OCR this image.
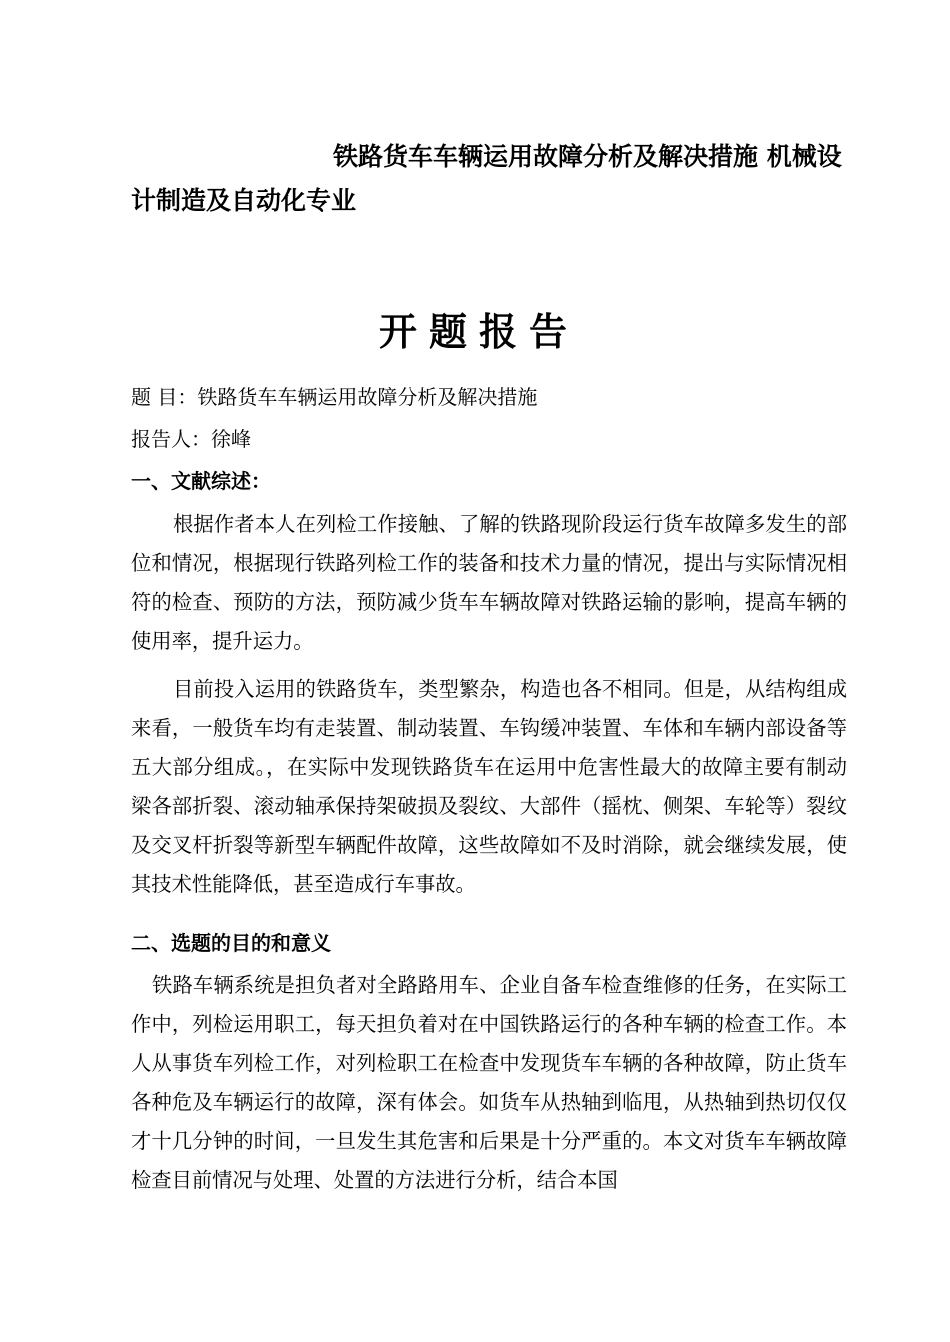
铁路货车车辆运用故障分析及解决措施 机械设计制造及自动化专业

开题报告

题 目：铁路货车车辆运用故障分析及解决措施

报告人：徐峰

一、文献综述：

根据作者本人在列检工作接触、了解的铁路现阶段运行货车故障多发生的部位和情况，根据现行铁路列检工作的装备和技术力量的情况，提出与实际情况相符的检查、预防的方法，预防减少货车车辆故障对铁路运输的影响，提高车辆的使用率，提升运力。

目前投入运用的铁路货车，类型繁杂，构造也各不相同。但是，从结构组成来看，一般货车均有走装置、制动装置、车钩缓冲装置、车体和车辆内部设备等五大部分组成。，在实际中发现铁路货车在运用中危害性最大的故障主要有制动梁各部折裂、滚动轴承保持架破损及裂纹、大部件（摇枕、侧架、车轮等）裂纹及交叉杆折裂等新型车辆配件故障，这些故障如不及时消除，就会继续发展，使其技术性能降低，甚至造成行车事故。

二、选题的目的和意义

铁路车辆系统是担负者对全路路用车、企业自备车检查维修的任务，在实际工作中，列检运用职工，每天担负着对在中国铁路运行的各种车辆的检查工作。本人从事货车列检工作，对列检职工在检查中发现货车车辆的各种故障，防止货车各种危及车辆运行的故障，深有体会。如货车从热轴到临甩，从热轴到热切仅仅才十几分钟的时间，一旦发生其危害和后果是十分严重的。本文对货车车辆故障检查目前情况与处理、处置的方法进行分析，结合本国
